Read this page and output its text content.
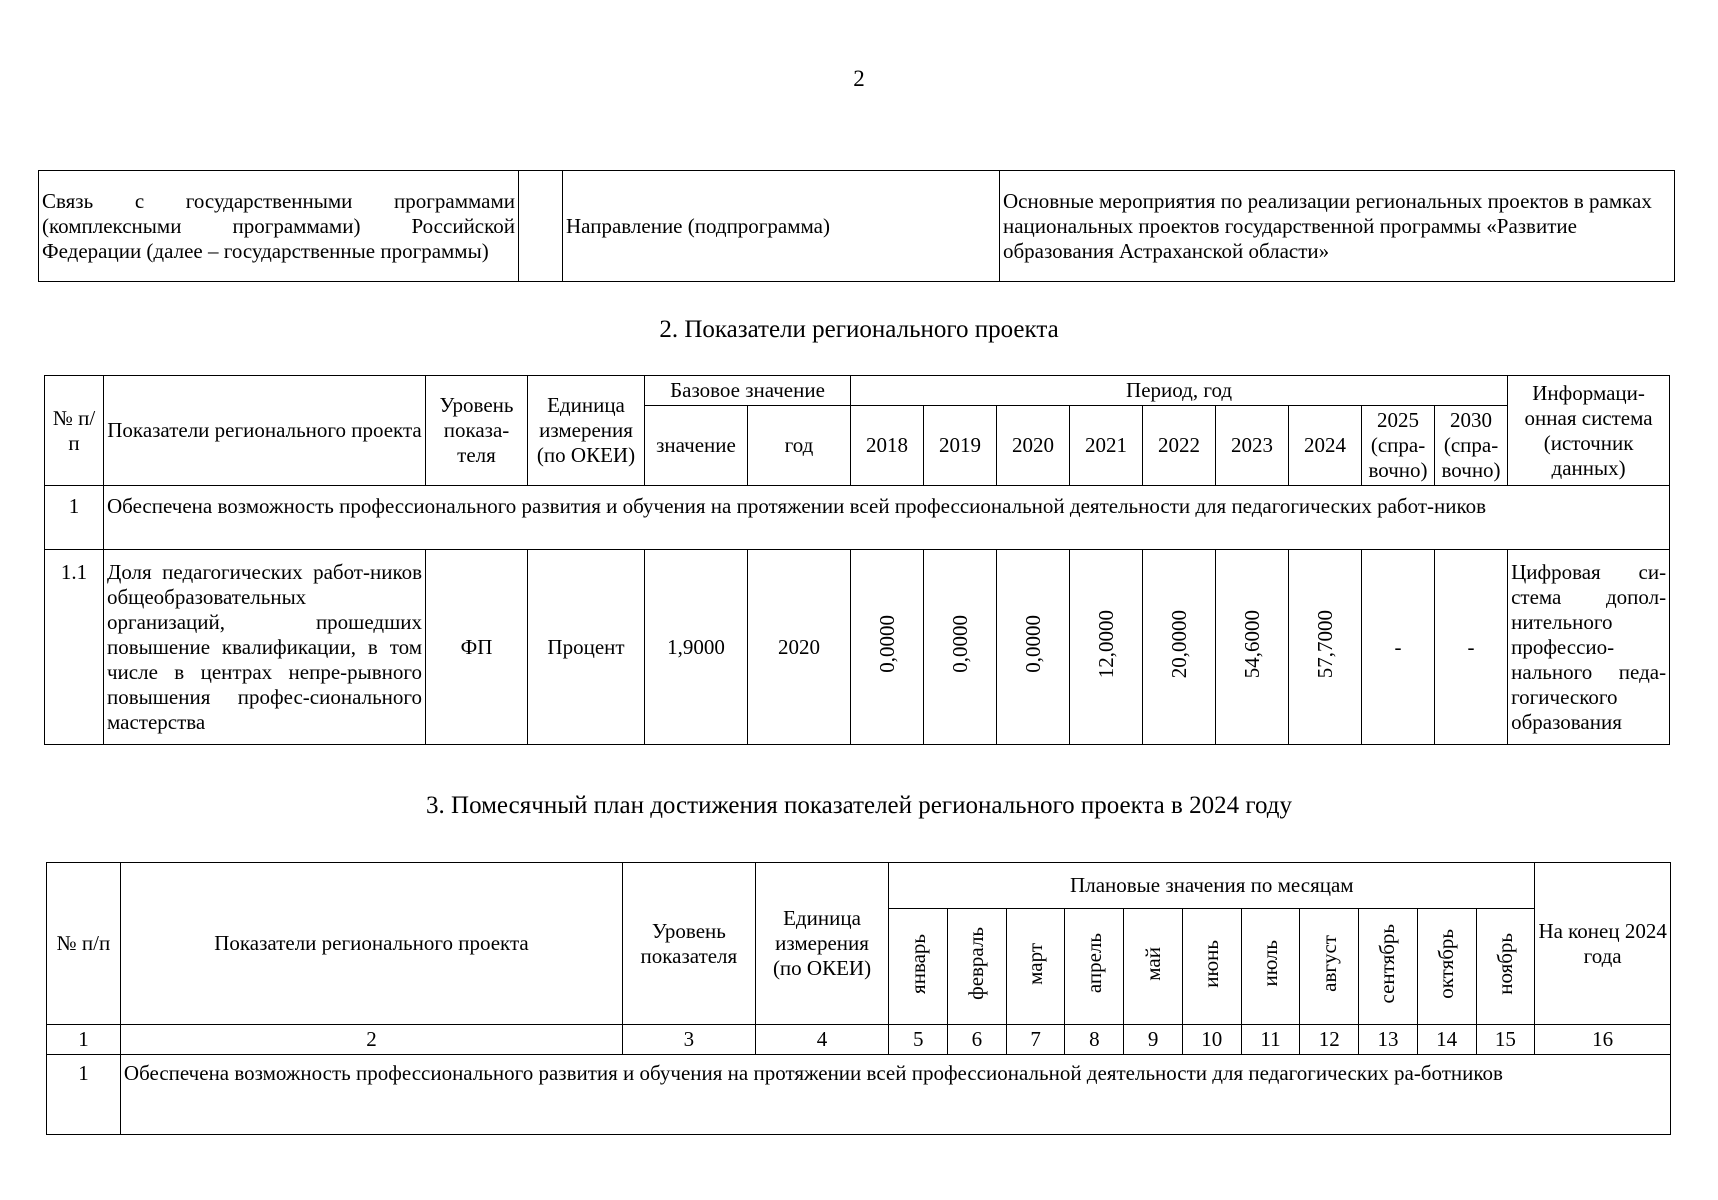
2
Связь с государственными программами (комплексными программами) Российской Федерации (далее – государственные программы)		Направление (подпрограмма)	Основные мероприятия по реализации региональных проектов в рамках национальных проектов государственной программы «Развитие образования Астраханской области»
2. Показатели регионального проекта
№ п/п	Показатели регионального проекта	Уровень показа-теля	Единица измерения (по ОКЕИ)	Базовое значение		Период, год									Информаци-онная система (источник данных)
				значение	год	2018	2019	2020	2021	2022	2023	2024	2025 (спра-вочно)	2030 (спра-вочно)	
1	Обеспечена возможность профессионального развития и обучения на протяжении всей профессиональной деятельности для педагогических работ-ников														
1.1	Доля педагогических работ-ников общеобразовательных организаций, прошедших повышение квалификации, в том числе в центрах непре-рывного повышения профес-сионального мастерства	ФП	Процент	1,9000	2020	0,0000	0,0000	0,0000	12,0000	20,0000	54,6000	57,7000	-	-	Цифровая си-стема допол-нительного профессио-нального педа-гогического образования
3. Помесячный план достижения показателей регионального проекта в 2024 году
№ п/п	Показатели регионального проекта	Уровень показателя	Единица измерения (по ОКЕИ)	Плановые значения по месяцам											На конец 2024 года
				январь	февраль	март	апрель	май	июнь	июль	август	сентябрь	октябрь	ноябрь	
1	2	3	4	5	6	7	8	9	10	11	12	13	14	15	16
1	Обеспечена возможность профессионального развития и обучения на протяжении всей профессиональной деятельности для педагогических ра-ботников														
